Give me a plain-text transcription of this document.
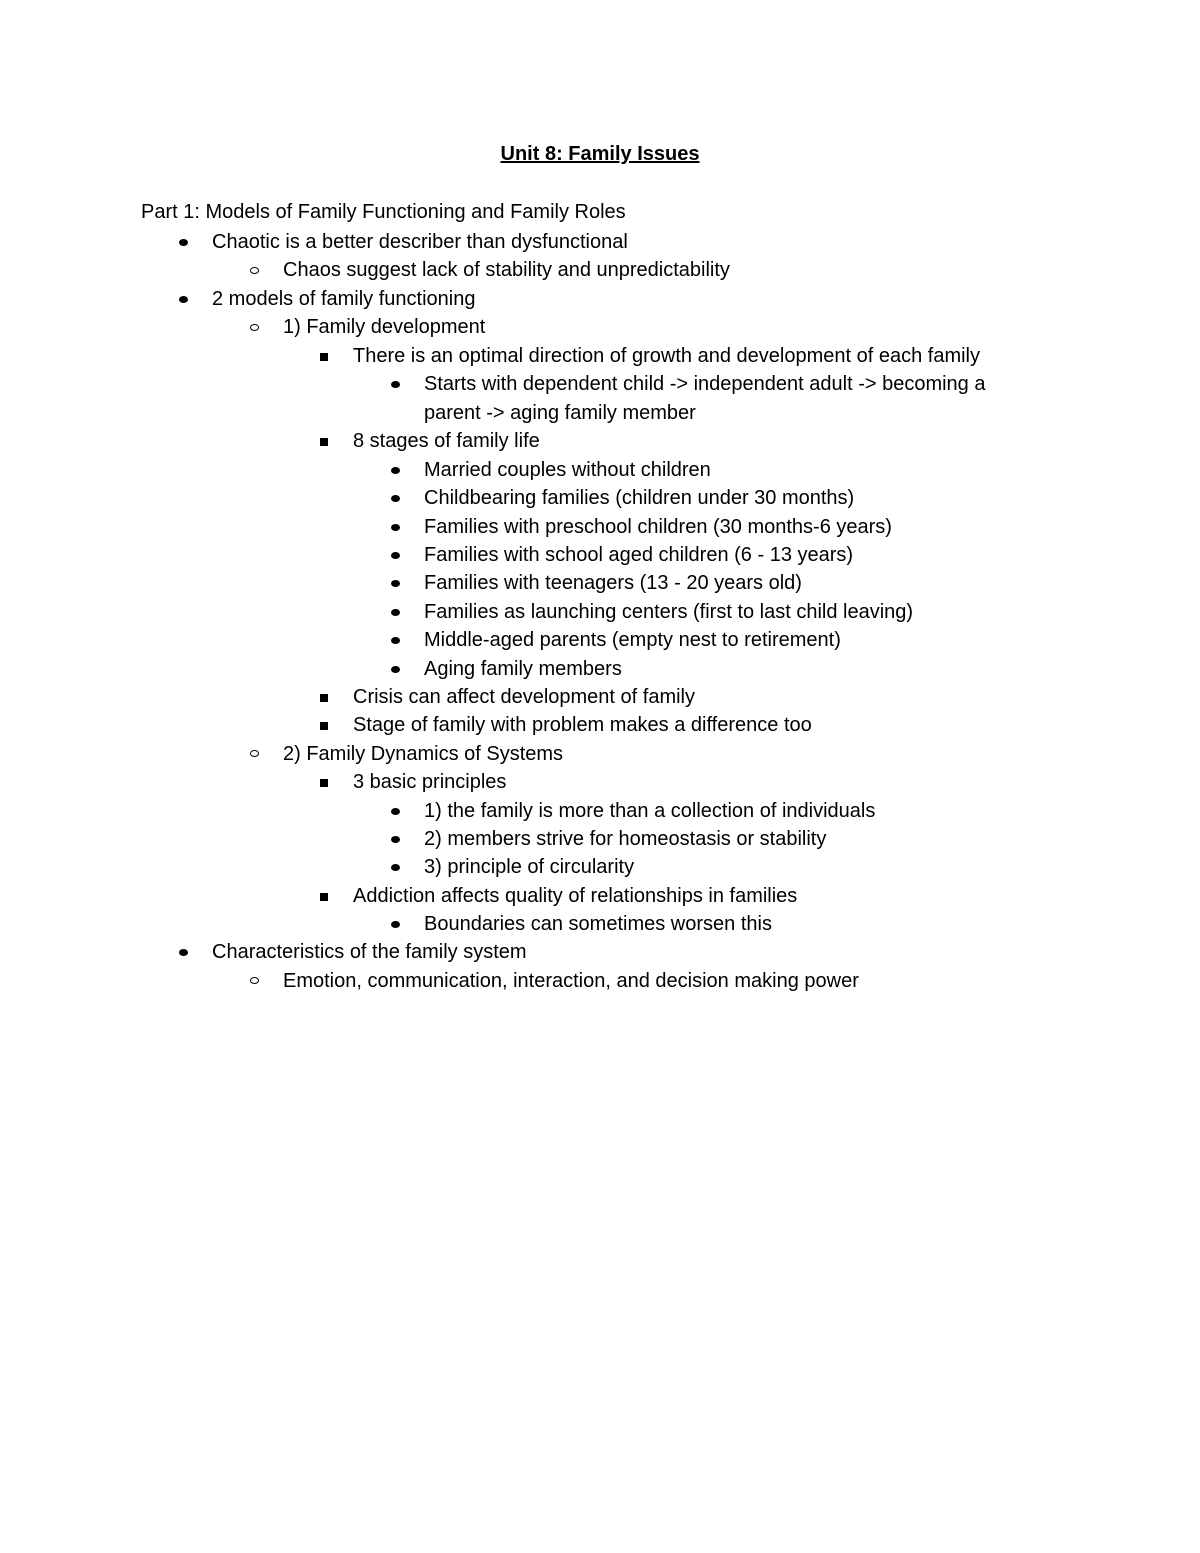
Unit 8: Family Issues
Part 1: Models of Family Functioning and Family Roles
Chaotic is a better describer than dysfunctional
Chaos suggest lack of stability and unpredictability
2 models of family functioning
1) Family development
There is an optimal direction of growth and development of each family
Starts with dependent child -> independent adult -> becoming a parent -> aging family member
8 stages of family life
Married couples without children
Childbearing families (children under 30 months)
Families with preschool children (30 months-6 years)
Families with school aged children (6 - 13 years)
Families with teenagers (13 - 20 years old)
Families as launching centers (first to last child leaving)
Middle-aged parents (empty nest to retirement)
Aging family members
Crisis can affect development of family
Stage of family with problem makes a difference too
2) Family Dynamics of Systems
3 basic principles
1) the family is more than a collection of individuals
2) members strive for homeostasis or stability
3) principle of circularity
Addiction affects quality of relationships in families
Boundaries can sometimes worsen this
Characteristics of the family system
Emotion, communication, interaction, and decision making power
